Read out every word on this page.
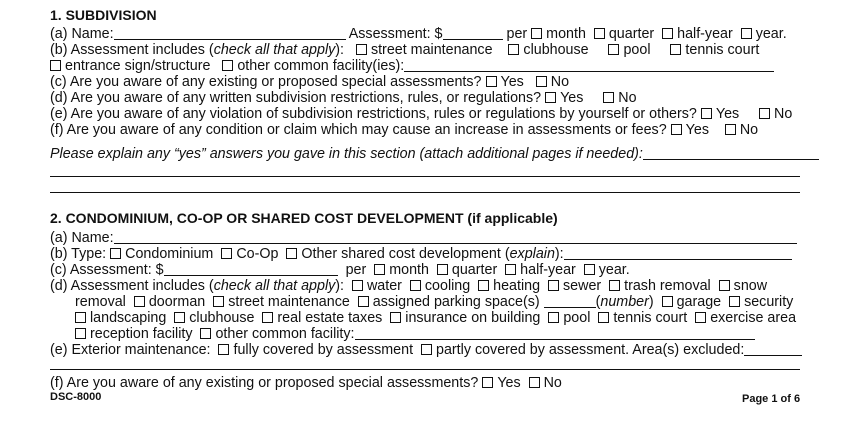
1. SUBDIVISION
(a) Name:	Assessment: $	per month quarter half-year year.
(b) Assessment includes (check all that apply): street maintenance clubhouse pool tennis court
entrance sign/structure other common facility(ies):
(c) Are you aware of any existing or proposed special assessments? Yes No
(d) Are you aware of any written subdivision restrictions, rules, or regulations? Yes No
(e) Are you aware of any violation of subdivision restrictions, rules or regulations by yourself or others? Yes No
(f) Are you aware of any condition or claim which may cause an increase in assessments or fees? Yes No
Please explain any “yes” answers you gave in this section (attach additional pages if needed):
2. CONDOMINIUM, CO-OP OR SHARED COST DEVELOPMENT (if applicable)
(a) Name:
(b) Type: Condominium Co-Op Other shared cost development (explain):
(c) Assessment: $	per month quarter half-year year.
(d) Assessment includes (check all that apply): water cooling heating sewer trash removal snow
removal doorman street maintenance assigned parking space(s)	(number) garage security
landscaping clubhouse real estate taxes insurance on building pool tennis court exercise area
reception facility other common facility:
(e) Exterior maintenance: fully covered by assessment partly covered by assessment. Area(s) excluded:
(f) Are you aware of any existing or proposed special assessments? Yes No
DSC-8000	Page 1 of 6
